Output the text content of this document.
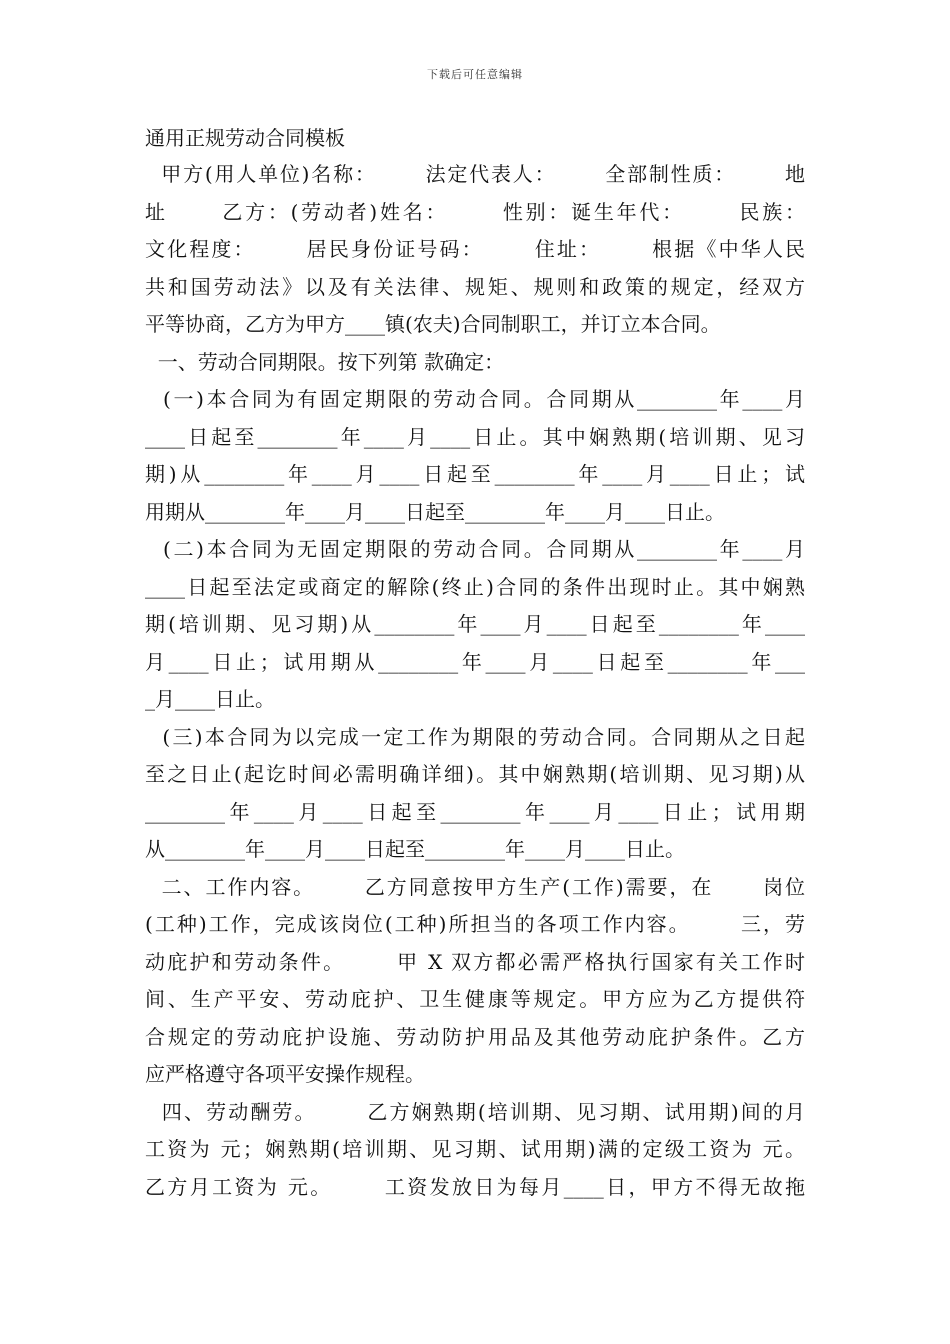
下载后可任意编辑
通用正规劳动合同模板
甲方(用人单位)名称：      法定代表人：      全部制性质：      地
址      乙方：(劳动者)姓名：      性别：诞生年代：      民族：
文化程度：      居民身份证号码：      住址：      根据《中华人民
共和国劳动法》以及有关法律、规矩、规则和政策的规定，经双方
平等协商，乙方为甲方____镇(农夫)合同制职工，并订立本合同。
一、劳动合同期限。按下列第 款确定：
(一)本合同为有固定期限的劳动合同。合同期从________年____月
____日起至________年____月____日止。其中娴熟期(培训期、见习
期)从________年____月____日起至________年____月____日止；试
用期从________年____月____日起至________年____月____日止。
(二)本合同为无固定期限的劳动合同。合同期从________年____月
____日起至法定或商定的解除(终止)合同的条件出现时止。其中娴熟
期(培训期、见习期)从________年____月____日起至________年____
月____日止；试用期从________年____月____日起至________年___
_月____日止。
(三)本合同为以完成一定工作为期限的劳动合同。合同期从之日起
至之日止(起讫时间必需明确详细)。其中娴熟期(培训期、见习期)从
________年____月____日起至________年____月____日止；试用期
从________年____月____日起至________年____月____日止。
二、工作内容。      乙方同意按甲方生产(工作)需要，在      岗位
(工种)工作，完成该岗位(工种)所担当的各项工作内容。      三，劳
动庇护和劳动条件。      甲 X 双方都必需严格执行国家有关工作时
间、生产平安、劳动庇护、卫生健康等规定。甲方应为乙方提供符
合规定的劳动庇护设施、劳动防护用品及其他劳动庇护条件。乙方
应严格遵守各项平安操作规程。
四、劳动酬劳。      乙方娴熟期(培训期、见习期、试用期)间的月
工资为 元；娴熟期(培训期、见习期、试用期)满的定级工资为 元。
乙方月工资为 元。      工资发放日为每月____日，甲方不得无故拖
